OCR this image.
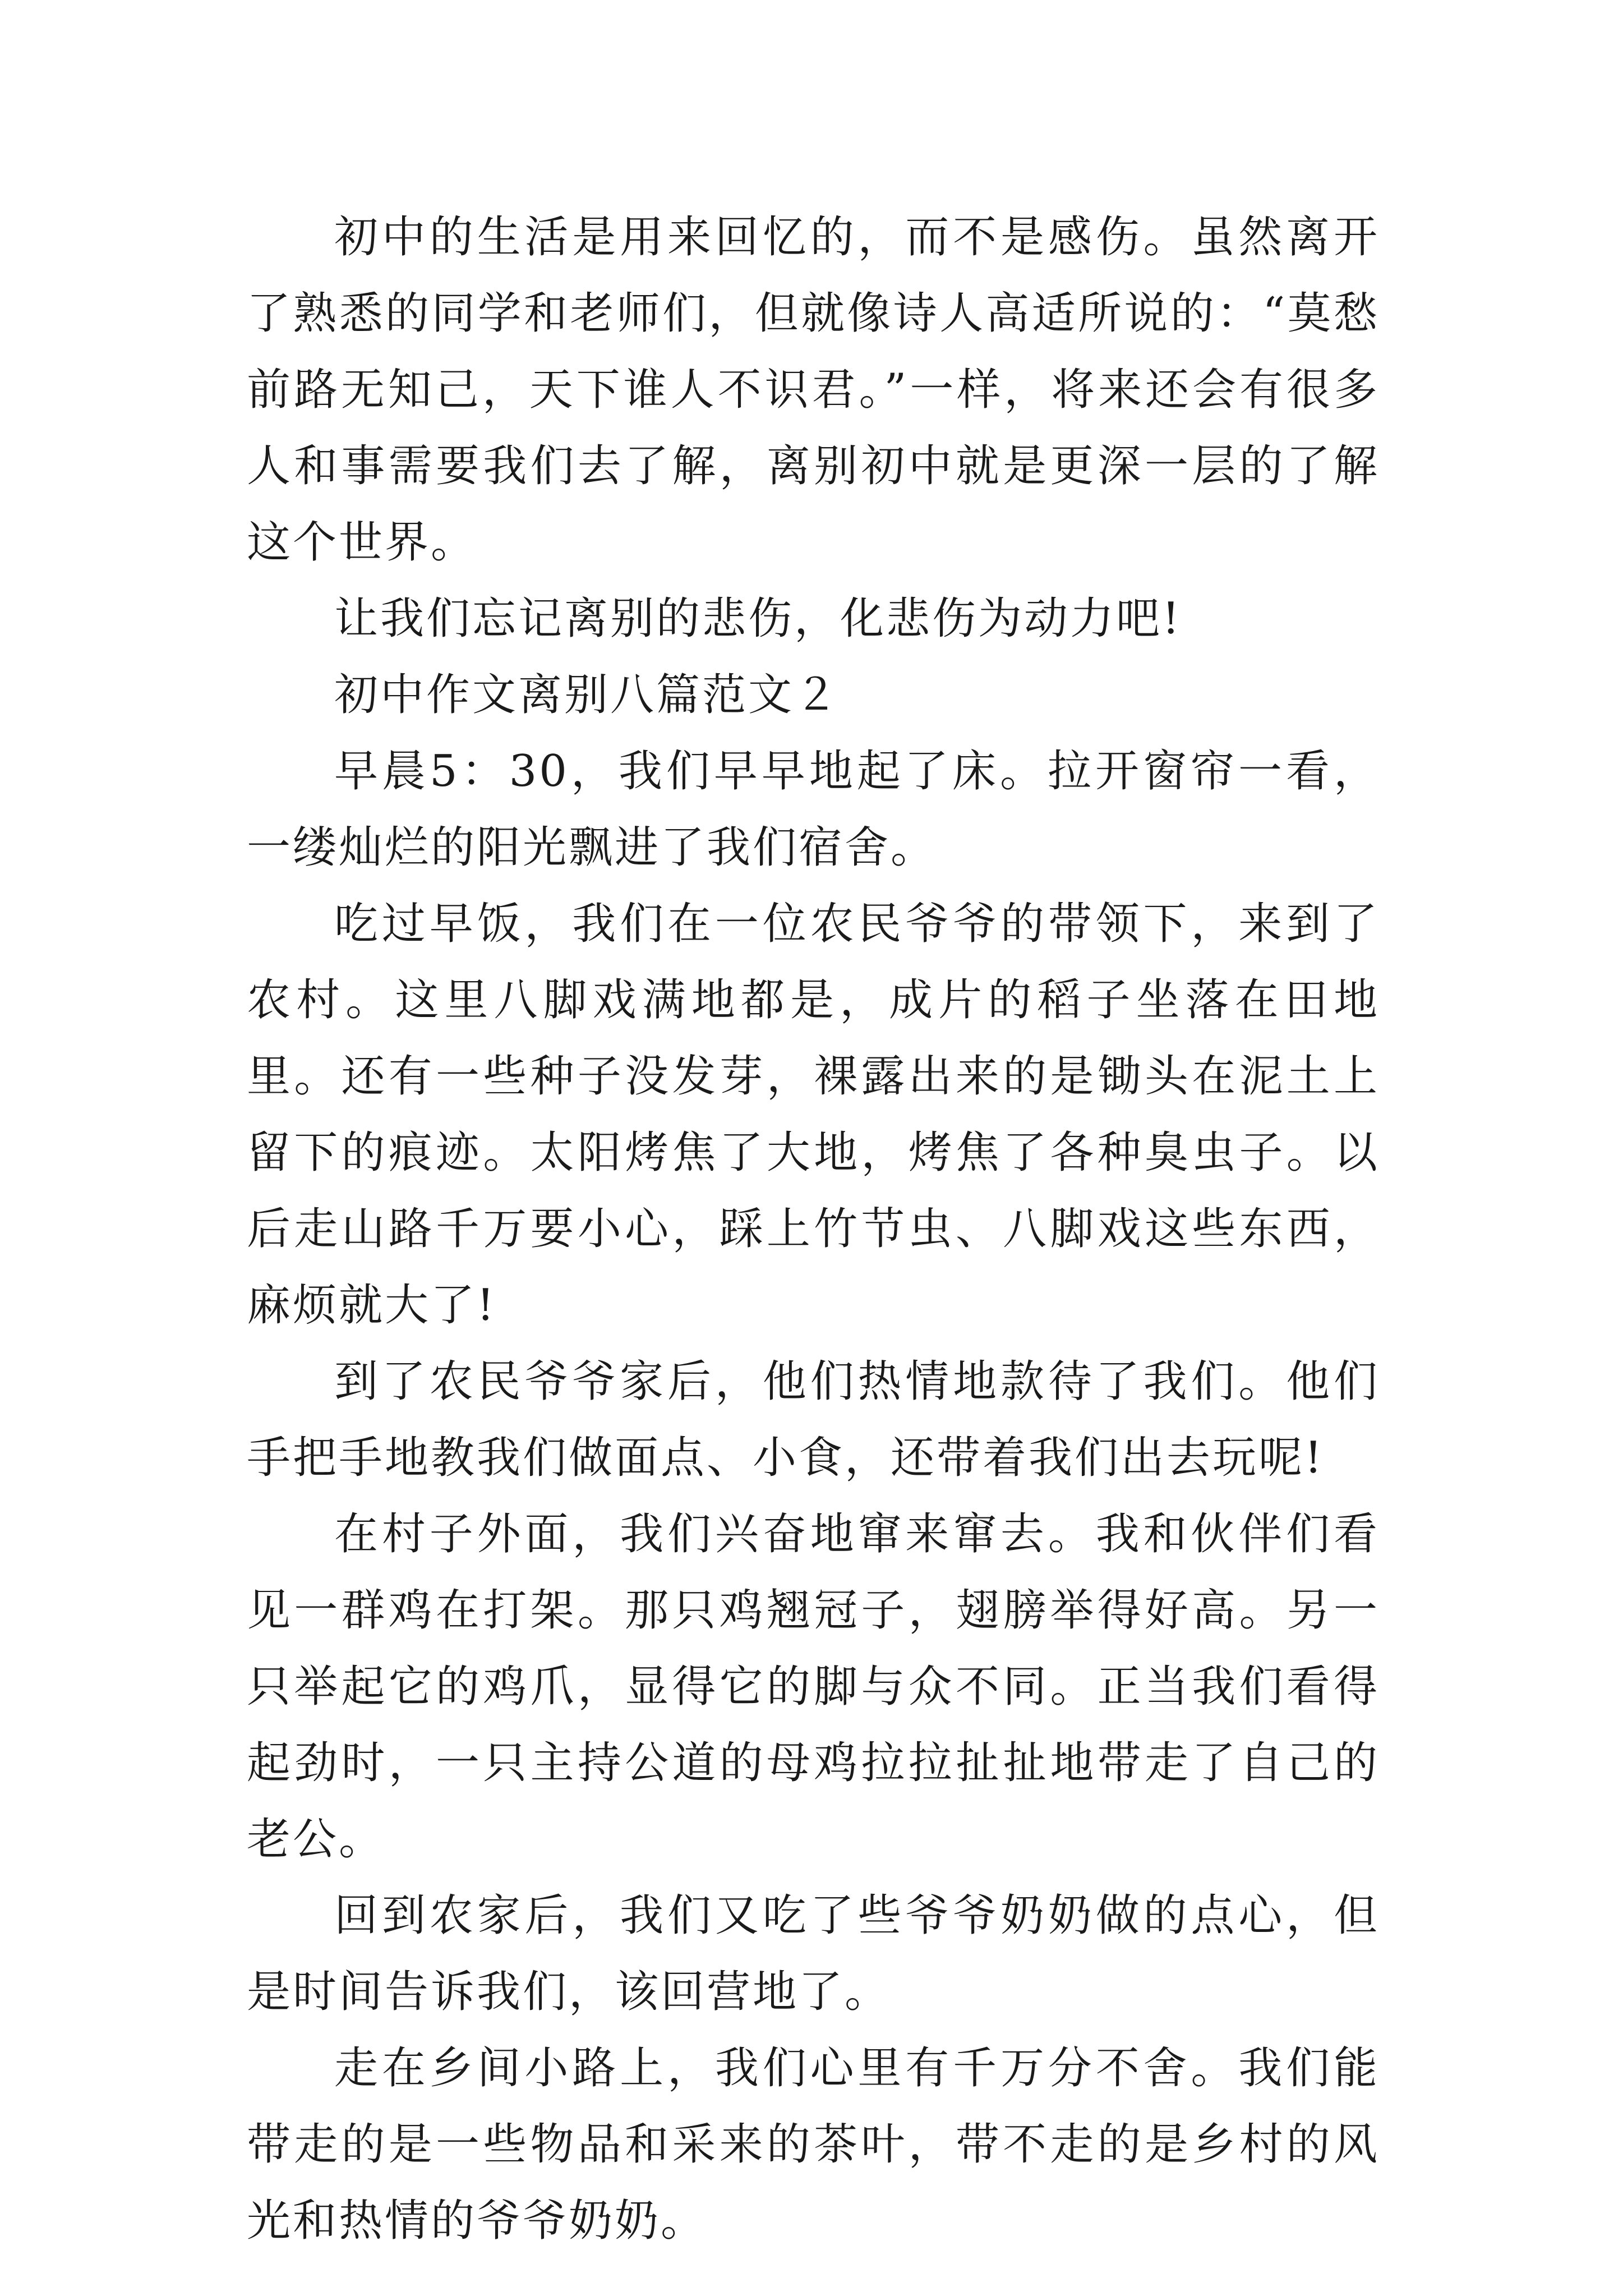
初中的生活是用来回忆的，而不是感伤。虽然离开了熟悉的同学和老师们，但就像诗人高适所说的：“莫愁前路无知己，天下谁人不识君。”一样，将来还会有很多人和事需要我们去了解，离别初中就是更深一层的了解这个世界。

让我们忘记离别的悲伤，化悲伤为动力吧!

初中作文离别八篇范文２

早晨5：30，我们早早地起了床。拉开窗帘一看，一缕灿烂的阳光飘进了我们宿舍。

吃过早饭，我们在一位农民爷爷的带领下，来到了农村。这里八脚戏满地都是，成片的稻子坐落在田地里。还有一些种子没发芽，裸露出来的是锄头在泥土上留下的痕迹。太阳烤焦了大地，烤焦了各种臭虫子。以后走山路千万要小心，踩上竹节虫、八脚戏这些东西，麻烦就大了!

到了农民爷爷家后，他们热情地款待了我们。他们手把手地教我们做面点、小食，还带着我们出去玩呢!

在村子外面，我们兴奋地窜来窜去。我和伙伴们看见一群鸡在打架。那只鸡翘冠子，翅膀举得好高。另一只举起它的鸡爪，显得它的脚与众不同。正当我们看得起劲时，一只主持公道的母鸡拉拉扯扯地带走了自己的老公。

回到农家后，我们又吃了些爷爷奶奶做的点心，但是时间告诉我们，该回营地了。

走在乡间小路上，我们心里有千万分不舍。我们能带走的是一些物品和采来的茶叶，带不走的是乡村的风光和热情的爷爷奶奶。
